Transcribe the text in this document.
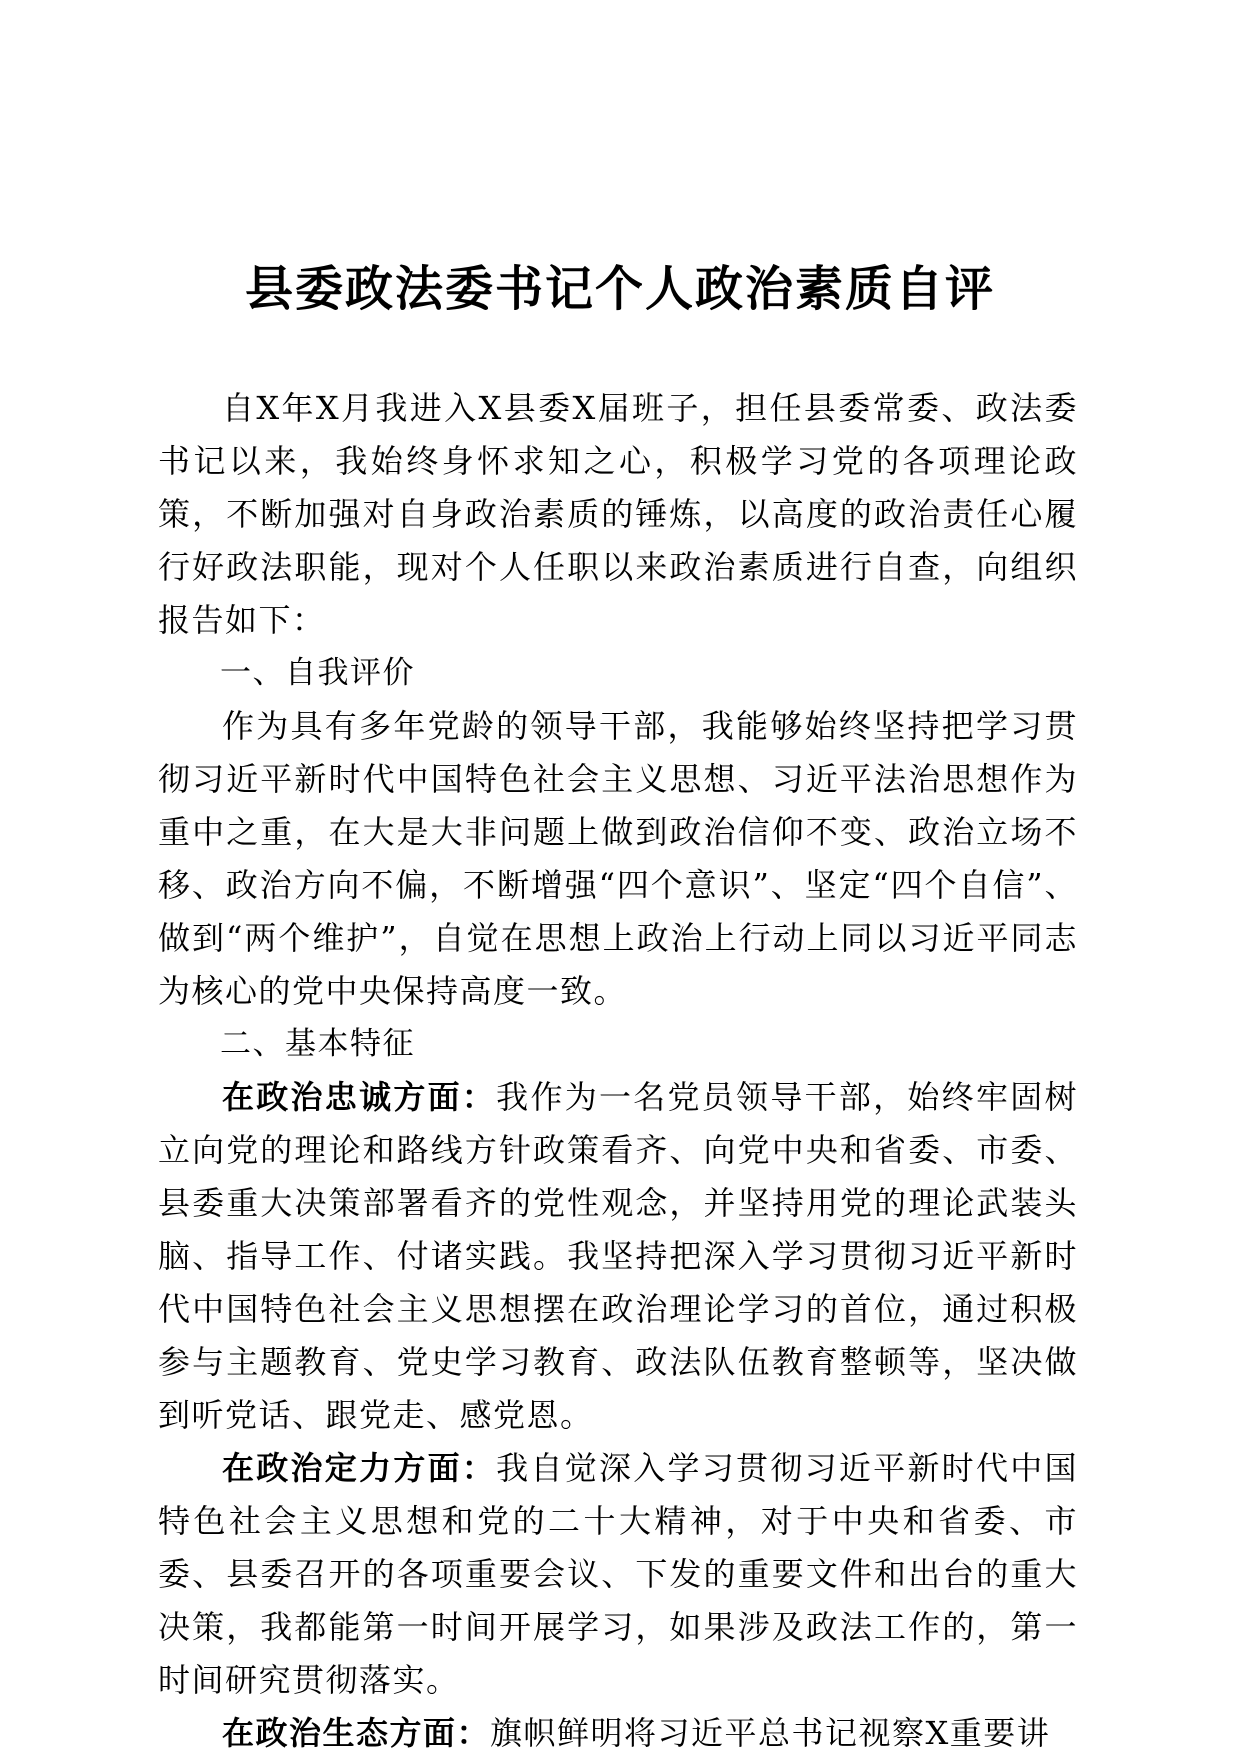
县委政法委书记个人政治素质自评

自X年X月我进入X县委X届班子，担任县委常委、政法委书记以来，我始终身怀求知之心，积极学习党的各项理论政策，不断加强对自身政治素质的锤炼，以高度的政治责任心履行好政法职能，现对个人任职以来政治素质进行自查，向组织报告如下：

一、自我评价

作为具有多年党龄的领导干部，我能够始终坚持把学习贯彻习近平新时代中国特色社会主义思想、习近平法治思想作为重中之重，在大是大非问题上做到政治信仰不变、政治立场不移、政治方向不偏，不断增强“四个意识”、坚定“四个自信”、做到“两个维护”，自觉在思想上政治上行动上同以习近平同志为核心的党中央保持高度一致。

二、基本特征

在政治忠诚方面：我作为一名党员领导干部，始终牢固树立向党的理论和路线方针政策看齐、向党中央和省委、市委、县委重大决策部署看齐的党性观念，并坚持用党的理论武装头脑、指导工作、付诸实践。我坚持把深入学习贯彻习近平新时代中国特色社会主义思想摆在政治理论学习的首位，通过积极参与主题教育、党史学习教育、政法队伍教育整顿等，坚决做到听党话、跟党走、感党恩。

在政治定力方面：我自觉深入学习贯彻习近平新时代中国特色社会主义思想和党的二十大精神，对于中央和省委、市委、县委召开的各项重要会议、下发的重要文件和出台的重大决策，我都能第一时间开展学习，如果涉及政法工作的，第一时间研究贯彻落实。

在政治生态方面：旗帜鲜明将习近平总书记视察X重要讲
